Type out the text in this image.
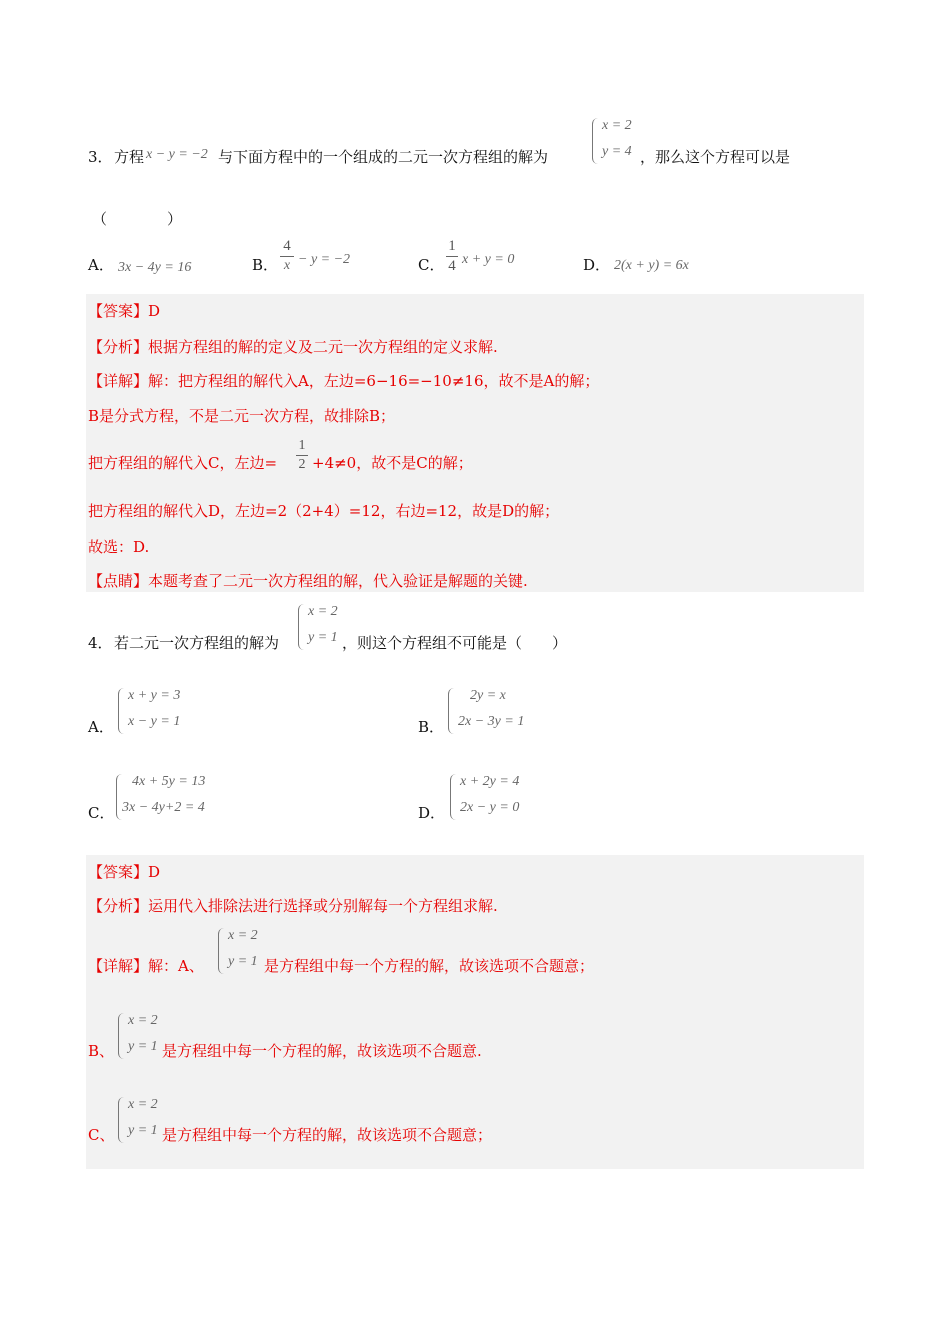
3． 方程 x − y = −2 与下面方程中的一个组成的二元一次方程组的解为
x = 2
y = 4 ，那么这个方程可以是
（　　　　）
A． 3x − 4y = 16	B．
4
x − y = −2	C．
1
4 x + y = 0	D． 2(x + y) = 6x
【答案】D
【分析】根据方程组的解的定义及二元一次方程组的定义求解.
【详解】解：把方程组的解代入A，左边=6−16=−10≠16，故不是A的解；
B是分式方程，不是二元一次方程，故排除B；
把方程组的解代入C，左边=
1
2 +4≠0，故不是C的解；
把方程组的解代入D，左边=2（2+4）=12，右边=12，故是D的解；
故选：D.
【点睛】本题考查了二元一次方程组的解，代入验证是解题的关键.
4． 若二元一次方程组的解为
x = 2
y = 1 ，则这个方程组不可能是（　　）
A．
x + y = 3
x − y = 1	B．
2y = x
2x − 3y = 1
C．
4x + 5y = 13
3x − 4y+2 = 4	D．
x + 2y = 4
2x − y = 0
【答案】D
【分析】运用代入排除法进行选择或分别解每一个方程组求解.
【详解】解：A、
x = 2
y = 1 是方程组中每一个方程的解，故该选项不合题意；
B、
x = 2
y = 1 是方程组中每一个方程的解，故该选项不合题意.
C、
x = 2
y = 1 是方程组中每一个方程的解，故该选项不合题意；
